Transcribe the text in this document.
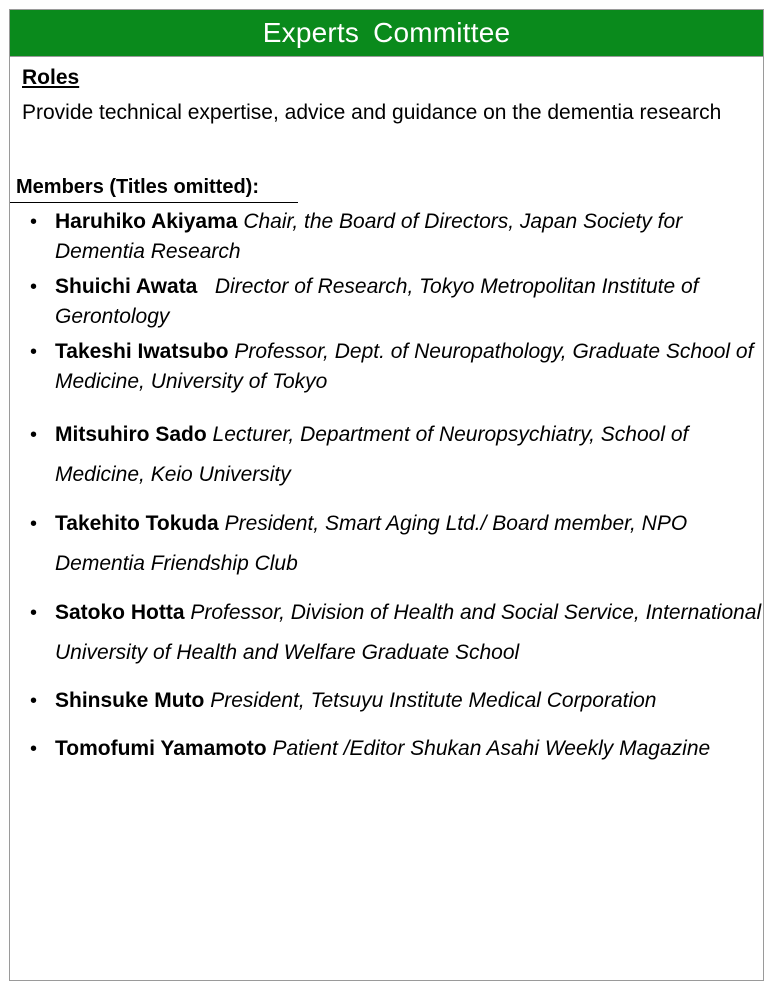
Experts Committee
Roles
Provide technical expertise, advice and guidance on the dementia research
Members (Titles omitted):
• Haruhiko Akiyama Chair, the Board of Directors, Japan Society for Dementia Research
• Shuichi Awata Director of Research, Tokyo Metropolitan Institute of Gerontology
• Takeshi Iwatsubo Professor, Dept. of Neuropathology, Graduate School of Medicine, University of Tokyo
• Mitsuhiro Sado Lecturer, Department of Neuropsychiatry, School of Medicine, Keio University
• Takehito Tokuda President, Smart Aging Ltd./ Board member, NPO Dementia Friendship Club
• Satoko Hotta Professor, Division of Health and Social Service, International University of Health and Welfare Graduate School
• Shinsuke Muto President, Tetsuyu Institute Medical Corporation
• Tomofumi Yamamoto Patient /Editor Shukan Asahi Weekly Magazine
